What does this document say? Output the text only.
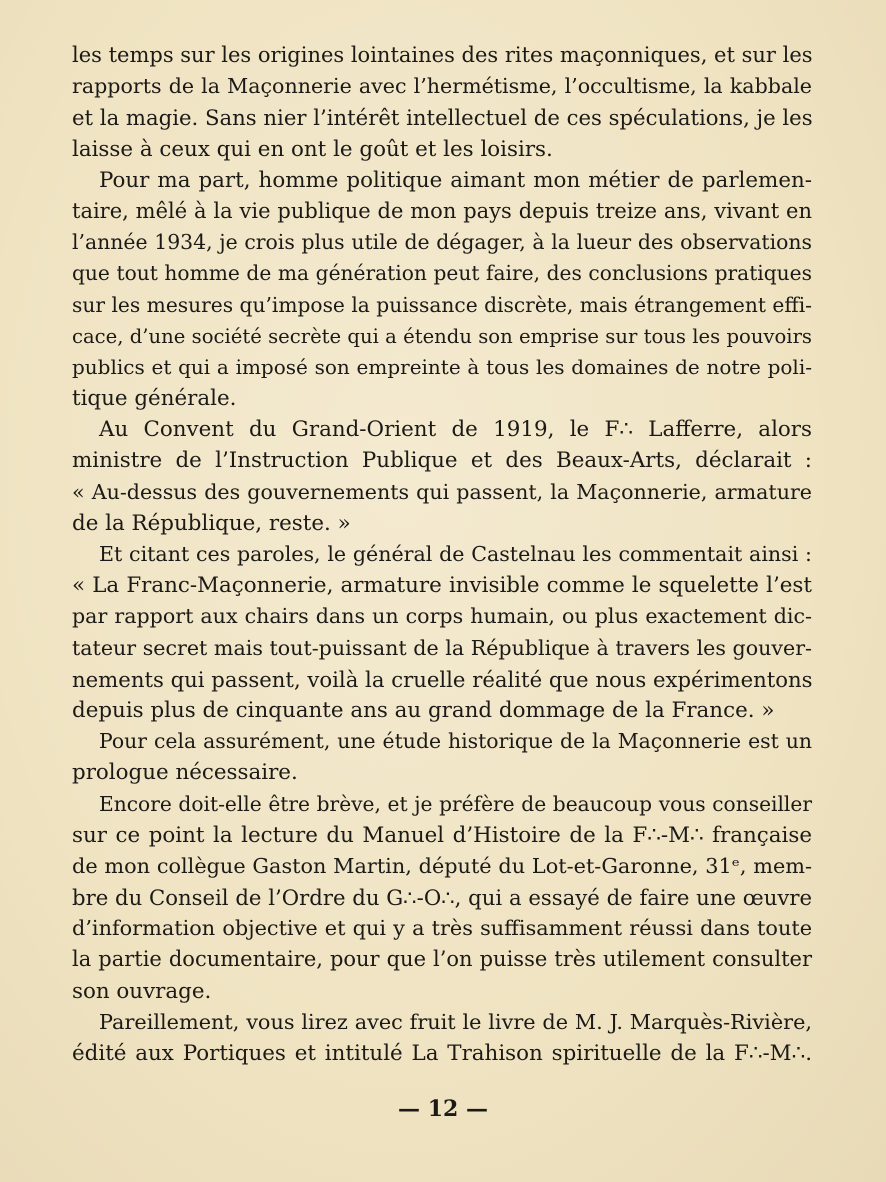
les temps sur les origines lointaines des rites maçonniques, et sur les
rapports de la Maçonnerie avec l’hermétisme, l’occultisme, la kabbale
et la magie. Sans nier l’intérêt intellectuel de ces spéculations, je les
laisse à ceux qui en ont le goût et les loisirs.
Pour ma part, homme politique aimant mon métier de parlemen-
taire, mêlé à la vie publique de mon pays depuis treize ans, vivant en
l’année 1934, je crois plus utile de dégager, à la lueur des observations
que tout homme de ma génération peut faire, des conclusions pratiques
sur les mesures qu’impose la puissance discrète, mais étrangement effi-
cace, d’une société secrète qui a étendu son emprise sur tous les pouvoirs
publics et qui a imposé son empreinte à tous les domaines de notre poli-
tique générale.
Au Convent du Grand-Orient de 1919, le F∴ Lafferre, alors
ministre de l’Instruction Publique et des Beaux-Arts, déclarait :
« Au-dessus des gouvernements qui passent, la Maçonnerie, armature
de la République, reste. »
Et citant ces paroles, le général de Castelnau les commentait ainsi :
« La Franc-Maçonnerie, armature invisible comme le squelette l’est
par rapport aux chairs dans un corps humain, ou plus exactement dic-
tateur secret mais tout-puissant de la République à travers les gouver-
nements qui passent, voilà la cruelle réalité que nous expérimentons
depuis plus de cinquante ans au grand dommage de la France. »
Pour cela assurément, une étude historique de la Maçonnerie est un
prologue nécessaire.
Encore doit-elle être brève, et je préfère de beaucoup vous conseiller
sur ce point la lecture du Manuel d’Histoire de la F∴-M∴ française
de mon collègue Gaston Martin, député du Lot-et-Garonne, 31ᵉ, mem-
bre du Conseil de l’Ordre du G∴-O∴, qui a essayé de faire une œuvre
d’information objective et qui y a très suffisamment réussi dans toute
la partie documentaire, pour que l’on puisse très utilement consulter
son ouvrage.
Pareillement, vous lirez avec fruit le livre de M. J. Marquès-Rivière,
édité aux Portiques et intitulé La Trahison spirituelle de la F∴-M∴.
— 12 —
